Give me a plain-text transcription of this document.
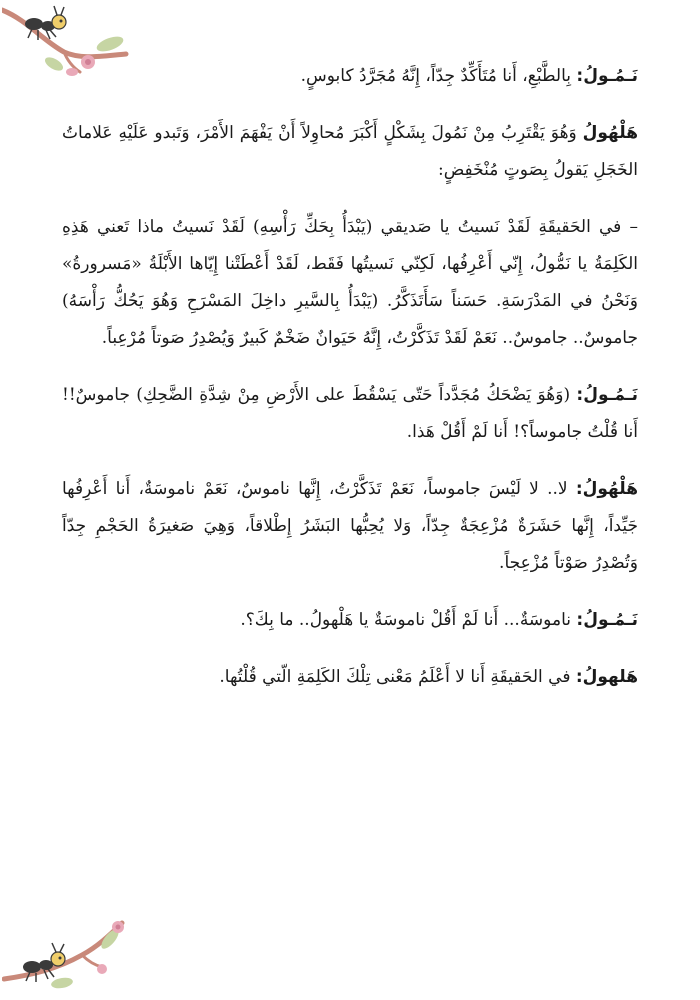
نَـمُـولُ: بِالطَّبْعِ، أَنا مُتَأَكِّدٌ جِدّاً، إِنَّهُ مُجَرَّدُ كابوسٍ.

هَلْهُولُ وَهُوَ يَقْتَرِبُ مِنْ نَمُولَ بِشَكْلٍ أَكْبَرَ مُحاوِلاً أَنْ يَفْهَمَ الأَمْرَ، وَتَبدو عَلَيْهِ عَلاماتُ الخَجَلِ يَقولُ بِصَوتٍ مُنْخَفِضٍ:

– في الحَقيقَةِ لَقَدْ نَسيتُ يا صَديقي (يَبْدَأُ بِحَكِّ رَأْسِهِ) لَقَدْ نَسيتُ ماذا تَعني هَذِهِ الكَلِمَةُ يا نَمُّولُ، إِنّي أَعْرِفُها، لَكِنّي نَسيتُها فَقَط، لَقَدْ أَعْطَتْنا إِيّاها الأَبْلَةُ «مَسرورةُ» وَنَحْنُ في المَدْرَسَةِ. حَسَناً سَأَتَذَكَّرُ. (يَبْدَأُ بِالسَّيرِ داخِلَ المَسْرَحِ وَهُوَ يَحُكُّ رَأْسَهُ) جاموسٌ.. جاموسٌ.. نَعَمْ لَقَدْ تَذَكَّرْتُ، إِنَّهُ حَيَوانٌ ضَخْمٌ كَبيرٌ وَيُصْدِرُ صَوتاً مُرْعِباً.

نَـمُـولُ: (وَهُوَ يَضْحَكُ مُجَدَّداً حَتّى يَسْقُطَ على الأَرْضِ مِنْ شِدَّةِ الضَّحِكِ) جاموسٌ!! أَنا قُلْتُ جاموساً؟! أَنا لَمْ أَقُلْ هَذا.

هَلْهُولُ: لا.. لا لَيْسَ جاموساً، نَعَمْ تَذَكَّرْتُ، إِنَّها ناموسٌ، نَعَمْ ناموسَةٌ، أَنا أَعْرِفُها جَيِّداً، إِنَّها حَشَرَةٌ مُزْعِجَةٌ جِدّاً، وَلا يُحِبُّها البَشَرُ إِطْلاقاً، وَهِيَ صَغيرَةُ الحَجْمِ جِدّاً وَتُصْدِرُ صَوْتاً مُزْعِجاً.

نَـمُـولُ: ناموسَةٌ... أَنا لَمْ أَقُلْ ناموسَةٌ يا هَلْهولُ.. ما بِكَ؟.

هَلهولُ: في الحَقيقَةِ أَنا لا أَعْلَمُ مَعْنى تِلْكَ الكَلِمَةِ الّتي قُلْتُها.
